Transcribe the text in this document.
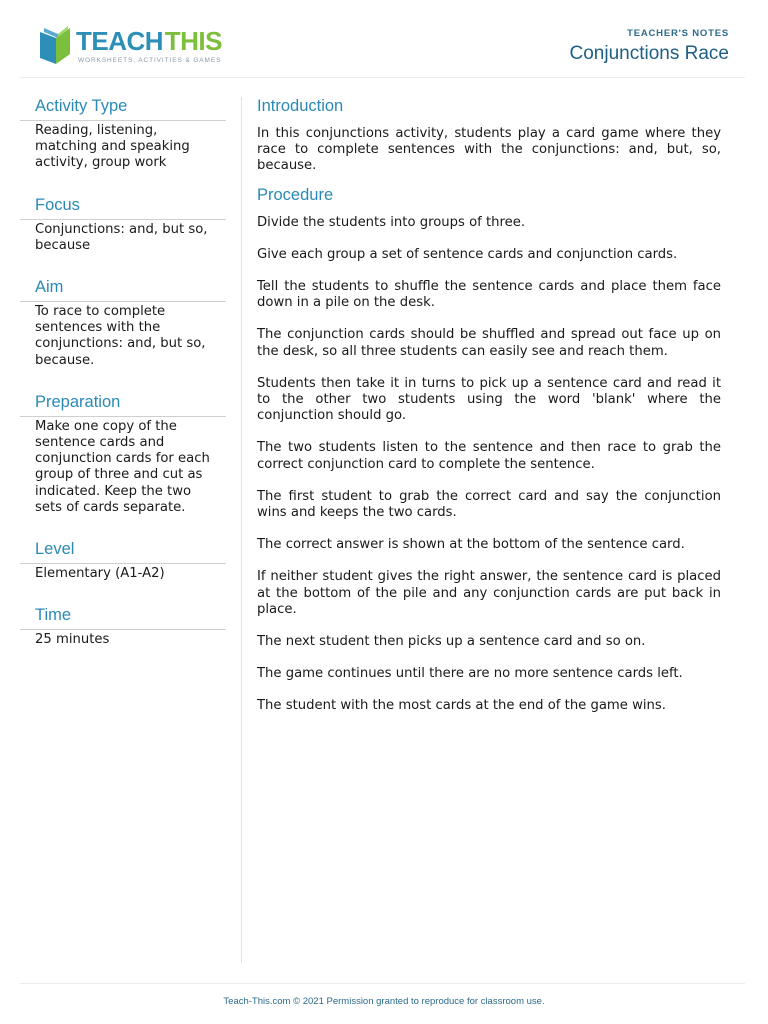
TEACH THIS
WORKSHEETS, ACTIVITIES & GAMES
TEACHER'S NOTES
Conjunctions Race
Activity Type
Reading, listening, matching and speaking activity, group work
Focus
Conjunctions: and, but so, because
Aim
To race to complete sentences with the conjunctions: and, but so, because.
Preparation
Make one copy of the sentence cards and conjunction cards for each group of three and cut as indicated. Keep the two sets of cards separate.
Level
Elementary (A1-A2)
Time
25 minutes
Introduction

In this conjunctions activity, students play a card game where they race to complete sentences with the conjunctions: and, but, so, because.

Procedure

Divide the students into groups of three.

Give each group a set of sentence cards and conjunction cards.

Tell the students to shuffle the sentence cards and place them face down in a pile on the desk.

The conjunction cards should be shuffled and spread out face up on the desk, so all three students can easily see and reach them.

Students then take it in turns to pick up a sentence card and read it to the other two students using the word 'blank' where the conjunction should go.

The two students listen to the sentence and then race to grab the correct conjunction card to complete the sentence.

The first student to grab the correct card and say the conjunction wins and keeps the two cards.

The correct answer is shown at the bottom of the sentence card.

If neither student gives the right answer, the sentence card is placed at the bottom of the pile and any conjunction cards are put back in place.

The next student then picks up a sentence card and so on.

The game continues until there are no more sentence cards left.

The student with the most cards at the end of the game wins.

Teach-This.com © 2021 Permission granted to reproduce for classroom use.
